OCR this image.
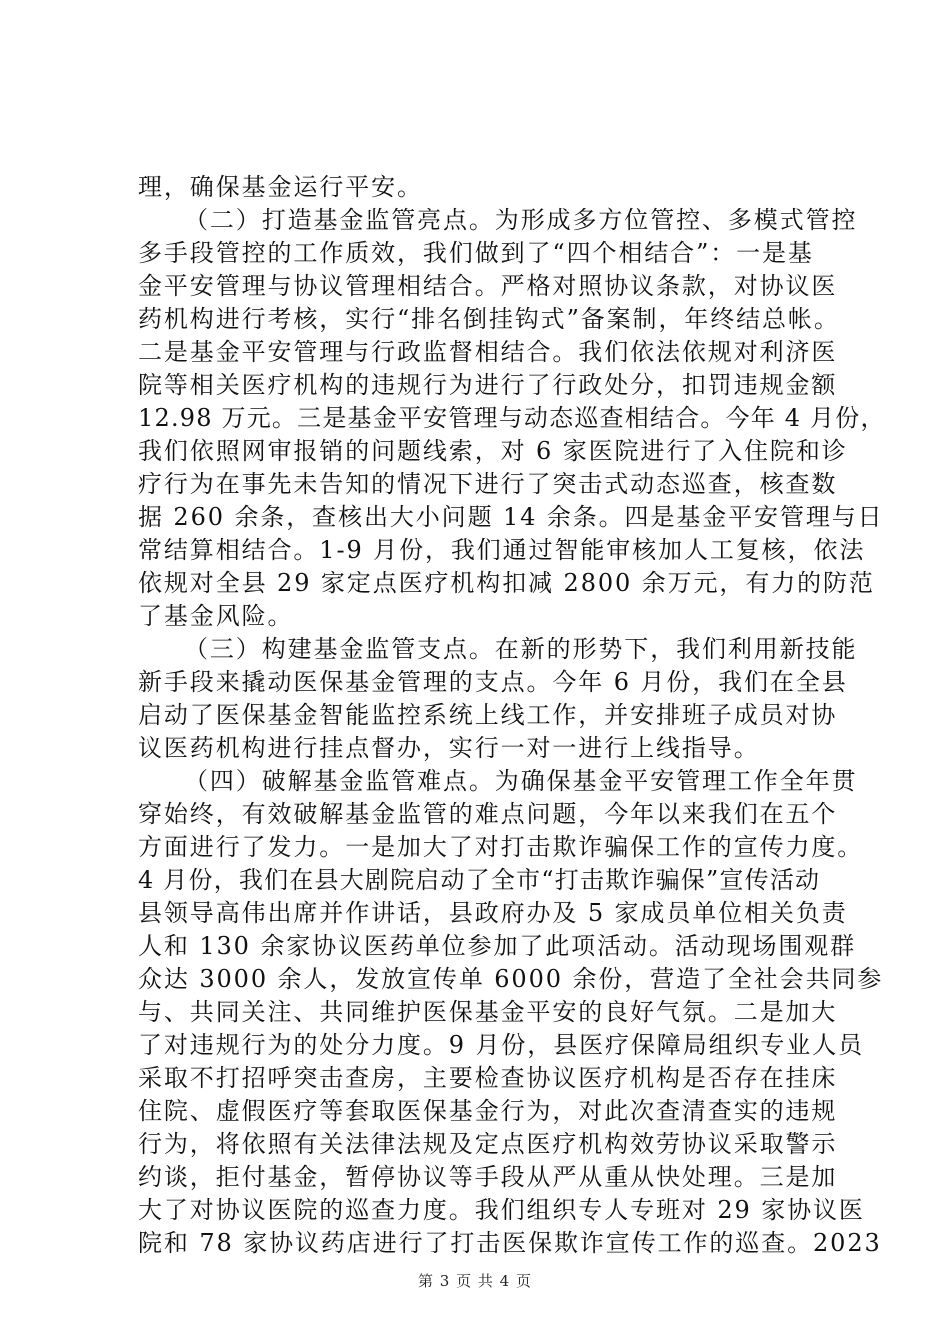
理，确保基金运行平安。
（二）打造基金监管亮点。为形成多方位管控、多模式管控
多手段管控的工作质效，我们做到了“四个相结合”：一是基
金平安管理与协议管理相结合。严格对照协议条款，对协议医
药机构进行考核，实行“排名倒挂钩式”备案制，年终结总帐。
二是基金平安管理与行政监督相结合。我们依法依规对利济医
院等相关医疗机构的违规行为进行了行政处分，扣罚违规金额
12.98 万元。三是基金平安管理与动态巡查相结合。今年 4 月份，
我们依照网审报销的问题线索，对 6 家医院进行了入住院和诊
疗行为在事先未告知的情况下进行了突击式动态巡查，核查数
据 260 余条，查核出大小问题 14 余条。四是基金平安管理与日
常结算相结合。1-9 月份，我们通过智能审核加人工复核，依法
依规对全县 29 家定点医疗机构扣减 2800 余万元，有力的防范
了基金风险。
（三）构建基金监管支点。在新的形势下，我们利用新技能
新手段来撬动医保基金管理的支点。今年 6 月份，我们在全县
启动了医保基金智能监控系统上线工作，并安排班子成员对协
议医药机构进行挂点督办，实行一对一进行上线指导。
（四）破解基金监管难点。为确保基金平安管理工作全年贯
穿始终，有效破解基金监管的难点问题，今年以来我们在五个
方面进行了发力。一是加大了对打击欺诈骗保工作的宣传力度。
4 月份，我们在县大剧院启动了全市“打击欺诈骗保”宣传活动
县领导高伟出席并作讲话，县政府办及 5 家成员单位相关负责
人和 130 余家协议医药单位参加了此项活动。活动现场围观群
众达 3000 余人，发放宣传单 6000 余份，营造了全社会共同参
与、共同关注、共同维护医保基金平安的良好气氛。二是加大
了对违规行为的处分力度。9 月份，县医疗保障局组织专业人员
采取不打招呼突击查房，主要检查协议医疗机构是否存在挂床
住院、虚假医疗等套取医保基金行为，对此次查清查实的违规
行为，将依照有关法律法规及定点医疗机构效劳协议采取警示
约谈，拒付基金，暂停协议等手段从严从重从快处理。三是加
大了对协议医院的巡查力度。我们组织专人专班对 29 家协议医
院和 78 家协议药店进行了打击医保欺诈宣传工作的巡查。2023
第 3 页 共 4 页
